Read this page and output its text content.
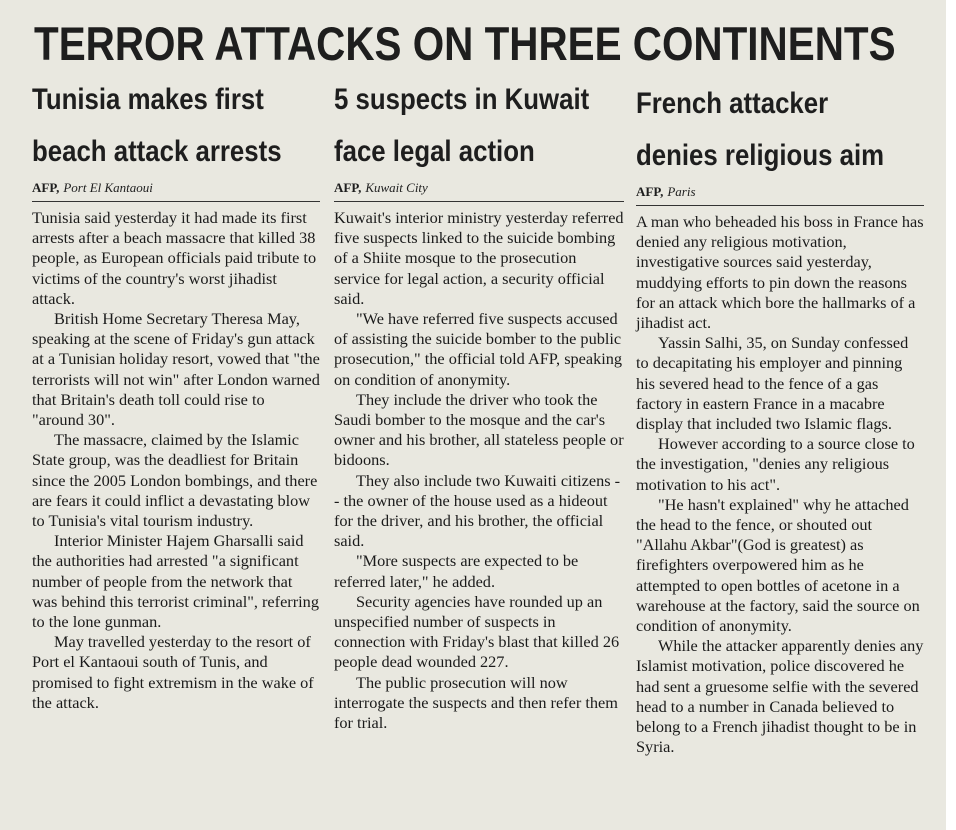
TERROR ATTACKS ON THREE CONTINENTS
Tunisia makes first
beach attack arrests
AFP, Port El Kantaoui

Tunisia said yesterday it had made its first arrests after a beach massacre that killed 38 people, as European officials paid tribute to victims of the country's worst jihadist attack.

British Home Secretary Theresa May, speaking at the scene of Friday's gun attack at a Tunisian holiday resort, vowed that "the terrorists will not win" after London warned that Britain's death toll could rise to "around 30".

The massacre, claimed by the Islamic State group, was the deadliest for Britain since the 2005 London bombings, and there are fears it could inflict a devastating blow to Tunisia's vital tourism industry.

Interior Minister Hajem Gharsalli said the authorities had arrested "a significant number of people from the network that was behind this terrorist criminal", referring to the lone gunman.

May travelled yesterday to the resort of Port el Kantaoui south of Tunis, and promised to fight extremism in the wake of the attack.

5 suspects in Kuwait
face legal action
AFP, Kuwait City

Kuwait's interior ministry yesterday referred five suspects linked to the suicide bombing of a Shiite mosque to the prosecution service for legal action, a security official said.

"We have referred five suspects accused of assisting the suicide bomber to the public prosecution," the official told AFP, speaking on condition of anonymity.

They include the driver who took the Saudi bomber to the mosque and the car's owner and his brother, all stateless people or bidoons.

They also include two Kuwaiti citizens -- the owner of the house used as a hideout for the driver, and his brother, the official said.

"More suspects are expected to be referred later," he added.

Security agencies have rounded up an unspecified number of suspects in connection with Friday's blast that killed 26 people dead wounded 227.

The public prosecution will now interrogate the suspects and then refer them for trial.

French attacker
denies religious aim
AFP, Paris

A man who beheaded his boss in France has denied any religious motivation, investigative sources said yesterday, muddying efforts to pin down the reasons for an attack which bore the hallmarks of a jihadist act.

Yassin Salhi, 35, on Sunday confessed to decapitating his employer and pinning his severed head to the fence of a gas factory in eastern France in a macabre display that included two Islamic flags.

However according to a source close to the investigation, "denies any religious motivation to his act".

"He hasn't explained" why he attached the head to the fence, or shouted out "Allahu Akbar"(God is greatest) as firefighters overpowered him as he attempted to open bottles of acetone in a warehouse at the factory, said the source on condition of anonymity.

While the attacker apparently denies any Islamist motivation, police discovered he had sent a gruesome selfie with the severed head to a number in Canada believed to belong to a French jihadist thought to be in Syria.
